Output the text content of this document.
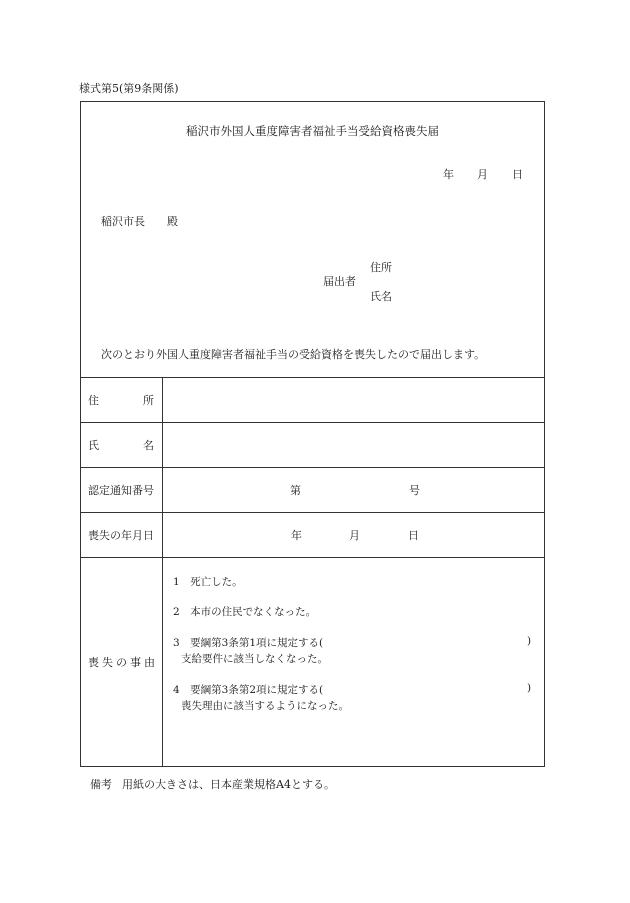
様式第5(第9条関係)
稲沢市外国人重度障害者福祉手当受給資格喪失届
年 月 日
稲沢市長 殿
住所
届出者
氏名
次のとおり外国人重度障害者福祉手当の受給資格を喪失したので届出します。
住	所
氏	名
認定通知番号	第	号
喪失の年月日	年	月	日
喪失の事由
1　死亡した。
2　本市の住民でなくなった。
3　要綱第3条第1項に規定する(	)
支給要件に該当しなくなった。
4　要綱第3条第2項に規定する(	)
喪失理由に該当するようになった。
備考 用紙の大きさは、日本産業規格A4とする。
